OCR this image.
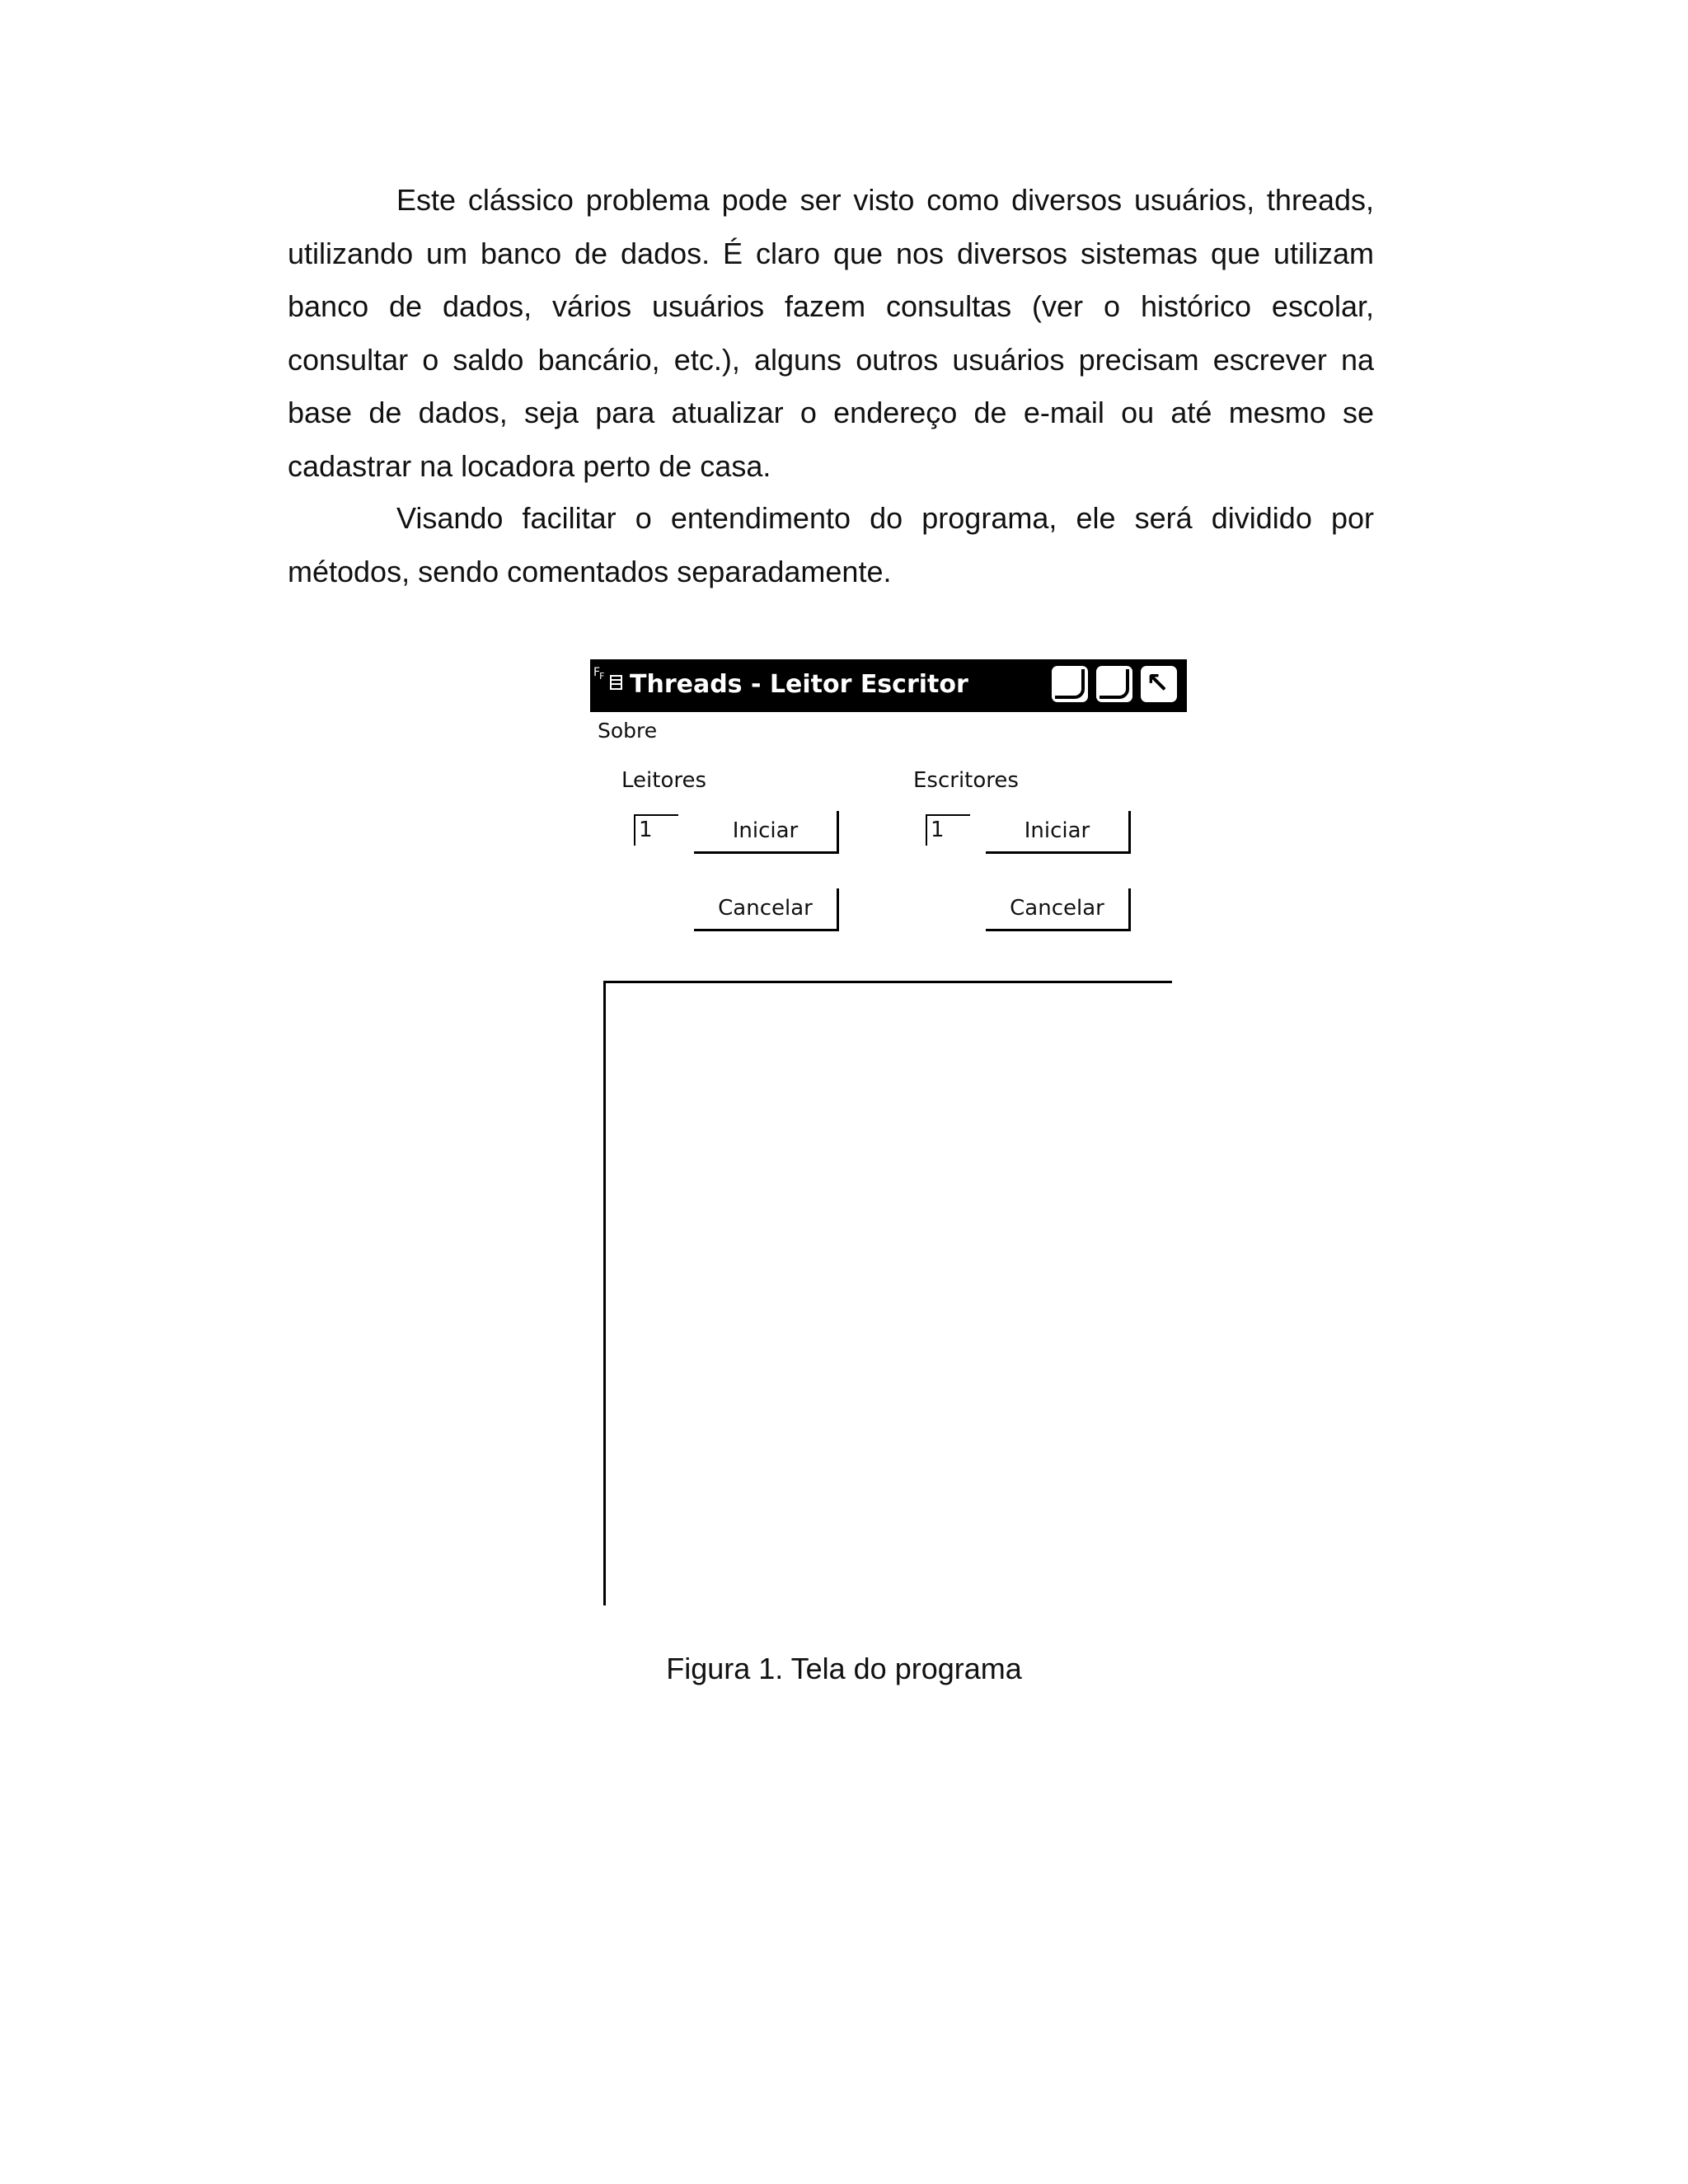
Este clássico problema pode ser visto como diversos usuários, threads, utilizando um banco de dados. É claro que nos diversos sistemas que utilizam banco de dados, vários usuários fazem consultas (ver o histórico escolar, consultar o saldo bancário, etc.), alguns outros usuários precisam escrever na base de dados, seja para atualizar o endereço de e-mail ou até mesmo se cadastrar na locadora perto de casa.

Visando facilitar o entendimento do programa, ele será dividido por métodos, sendo comentados separadamente.

$F_F$ Threads - Leitor Escritor	↖
Sobre
Leitores	Escritores
1	1
Iniciar	Iniciar
Cancelar	Cancelar
Figura 1. Tela do programa
